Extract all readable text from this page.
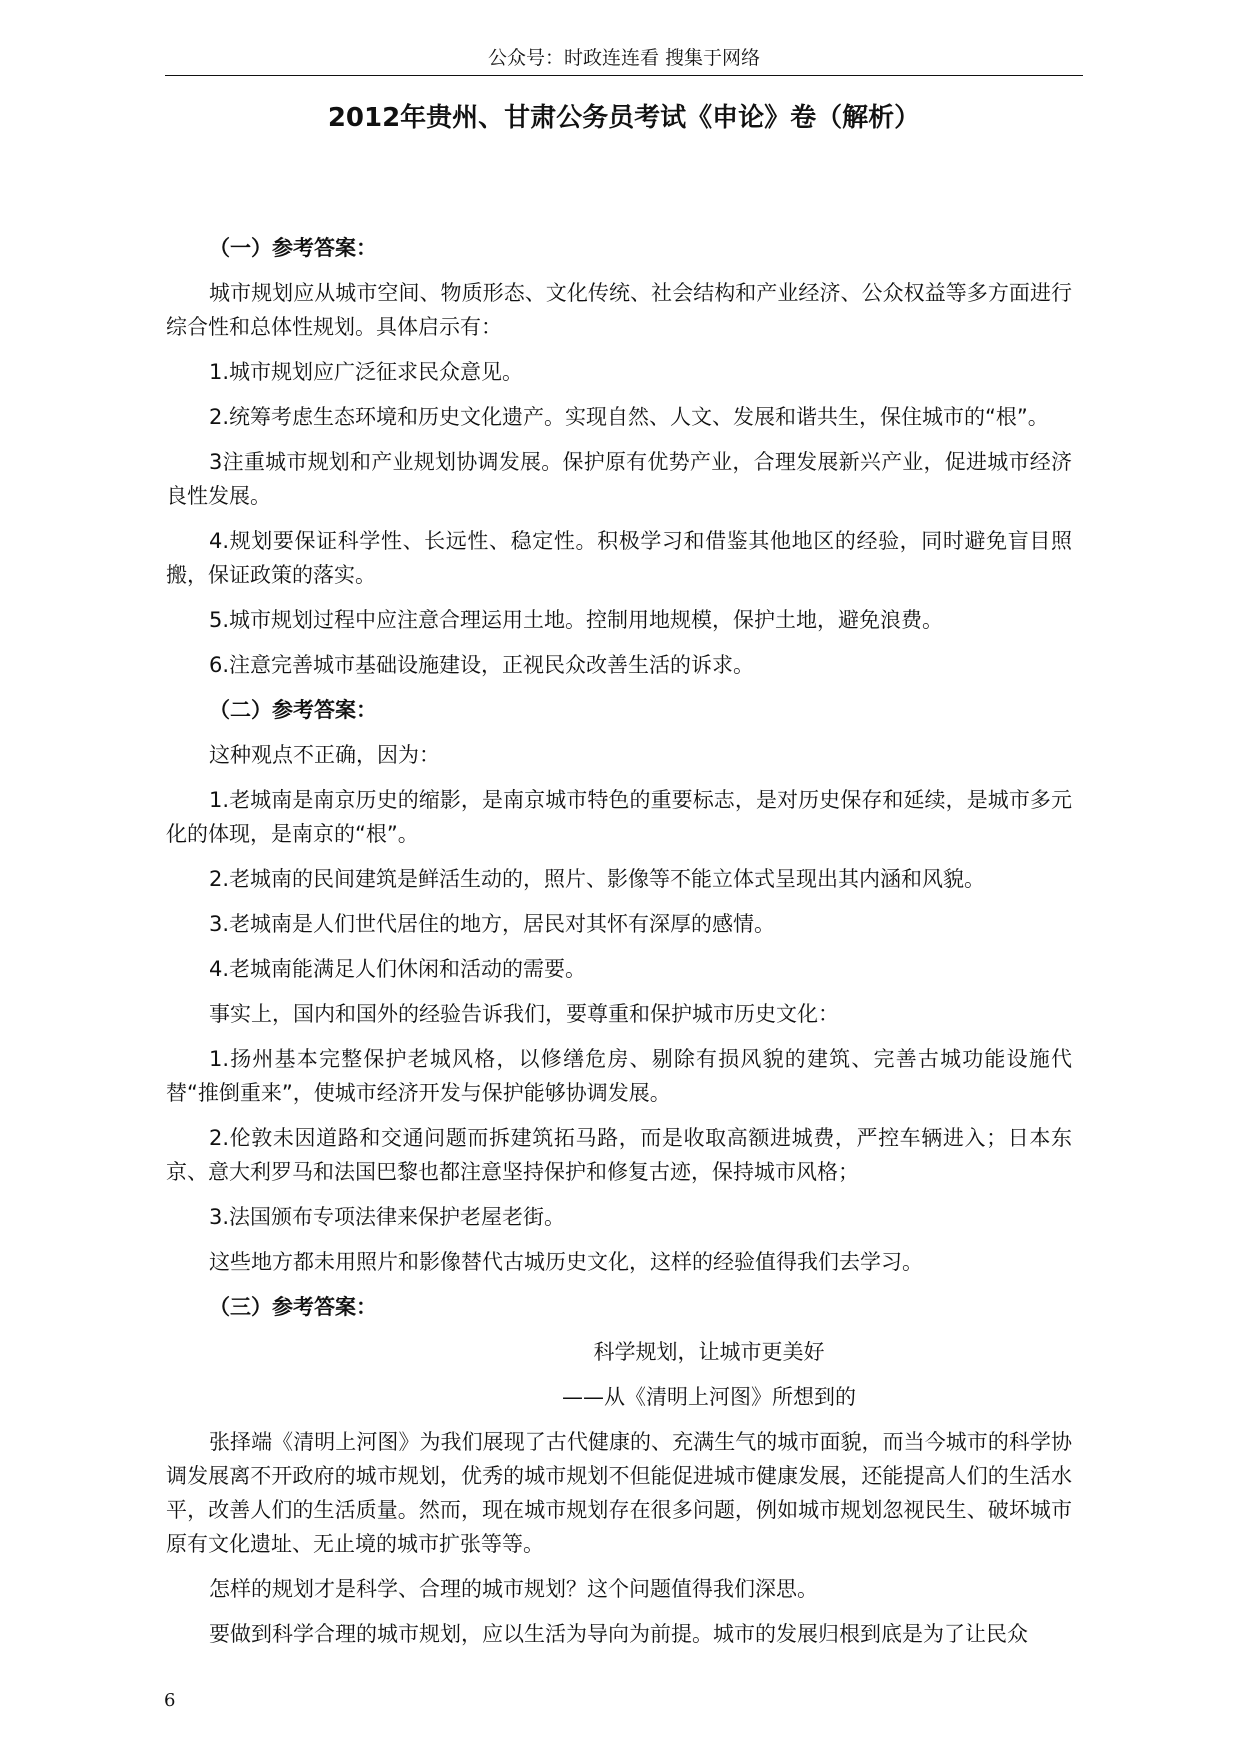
公众号：时政连连看 搜集于网络
2012年贵州、甘肃公务员考试《申论》卷（解析）

（一）参考答案：

城市规划应从城市空间、物质形态、文化传统、社会结构和产业经济、公众权益等多方面进行综合性和总体性规划。具体启示有：

1.城市规划应广泛征求民众意见。

2.统筹考虑生态环境和历史文化遗产。实现自然、人文、发展和谐共生，保住城市的“根”。

3注重城市规划和产业规划协调发展。保护原有优势产业，合理发展新兴产业，促进城市经济良性发展。

4.规划要保证科学性、长远性、稳定性。积极学习和借鉴其他地区的经验，同时避免盲目照搬，保证政策的落实。

5.城市规划过程中应注意合理运用土地。控制用地规模，保护土地，避免浪费。

6.注意完善城市基础设施建设，正视民众改善生活的诉求。

（二）参考答案：

这种观点不正确，因为：

1.老城南是南京历史的缩影，是南京城市特色的重要标志，是对历史保存和延续，是城市多元化的体现，是南京的“根”。

2.老城南的民间建筑是鲜活生动的，照片、影像等不能立体式呈现出其内涵和风貌。

3.老城南是人们世代居住的地方，居民对其怀有深厚的感情。

4.老城南能满足人们休闲和活动的需要。

事实上，国内和国外的经验告诉我们，要尊重和保护城市历史文化：

1.扬州基本完整保护老城风格，以修缮危房、剔除有损风貌的建筑、完善古城功能设施代替“推倒重来”，使城市经济开发与保护能够协调发展。

2.伦敦未因道路和交通问题而拆建筑拓马路，而是收取高额进城费，严控车辆进入；日本东京、意大利罗马和法国巴黎也都注意坚持保护和修复古迹，保持城市风格；

3.法国颁布专项法律来保护老屋老街。

这些地方都未用照片和影像替代古城历史文化，这样的经验值得我们去学习。

（三）参考答案：

科学规划，让城市更美好

——从《清明上河图》所想到的

张择端《清明上河图》为我们展现了古代健康的、充满生气的城市面貌，而当今城市的科学协调发展离不开政府的城市规划，优秀的城市规划不但能促进城市健康发展，还能提高人们的生活水平，改善人们的生活质量。然而，现在城市规划存在很多问题，例如城市规划忽视民生、破坏城市原有文化遗址、无止境的城市扩张等等。

怎样的规划才是科学、合理的城市规划？这个问题值得我们深思。

要做到科学合理的城市规划，应以生活为导向为前提。城市的发展归根到底是为了让民众

6
